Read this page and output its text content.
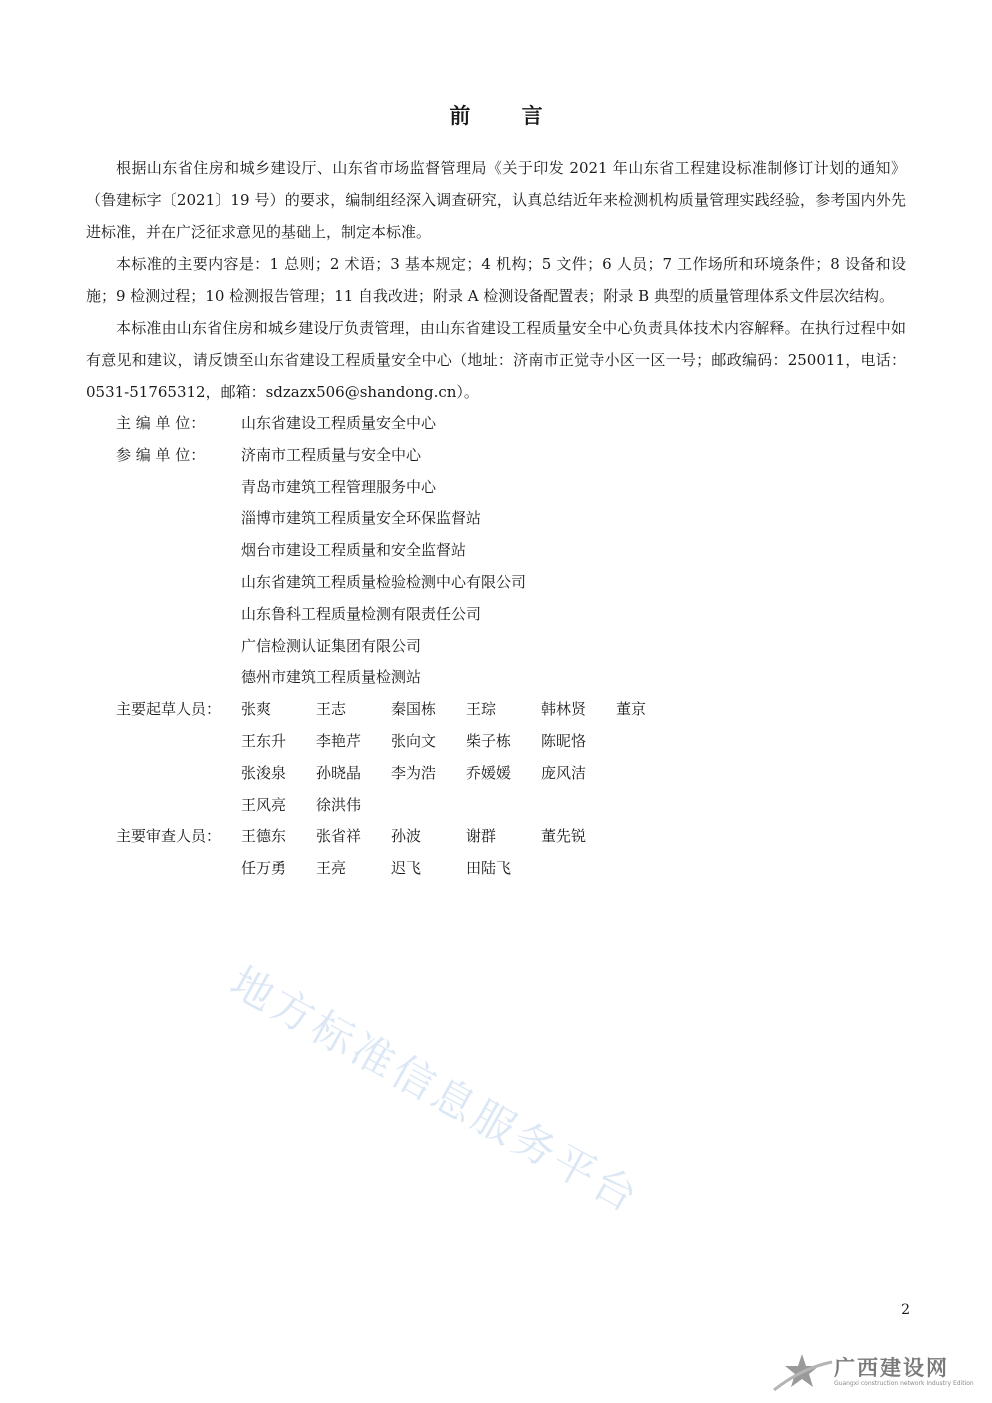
前 言

根据山东省住房和城乡建设厅、山东省市场监督管理局《关于印发 2021 年山东省工程建设标准制修订计划的通知》（鲁建标字〔2021〕19 号）的要求，编制组经深入调查研究，认真总结近年来检测机构质量管理实践经验，参考国内外先进标准，并在广泛征求意见的基础上，制定本标准。

本标准的主要内容是：1 总则；2 术语；3 基本规定；4 机构；5 文件；6 人员；7 工作场所和环境条件；8 设备和设施；9 检测过程；10 检测报告管理；11 自我改进；附录 A 检测设备配置表；附录 B 典型的质量管理体系文件层次结构。

本标准由山东省住房和城乡建设厅负责管理，由山东省建设工程质量安全中心负责具体技术内容解释。在执行过程中如有意见和建议，请反馈至山东省建设工程质量安全中心（地址：济南市正觉寺小区一区一号；邮政编码：250011，电话：0531-51765312，邮箱：sdzazx506@shandong.cn）。

主 编 单 位： 山东省建设工程质量安全中心
参 编 单 位： 济南市工程质量与安全中心
青岛市建筑工程管理服务中心
淄博市建筑工程质量安全环保监督站
烟台市建设工程质量和安全监督站
山东省建筑工程质量检验检测中心有限公司
山东鲁科工程质量检测有限责任公司
广信检测认证集团有限公司
德州市建筑工程质量检测站
主要起草人员： 张爽	王志	秦国栋 王琮	韩林贤 董京
王东升 李艳芹 张向文 柴子栋 陈昵恪
张浚泉 孙晓晶 李为浩 乔媛媛 庞风洁
王风亮 徐洪伟
主要审查人员： 王德东 张省祥 孙波	谢群	董先锐
任万勇 王亮	迟飞	田陆飞
地方标准信息服务平台
2
广西建设网
Guangxi construction network Industry Edition
